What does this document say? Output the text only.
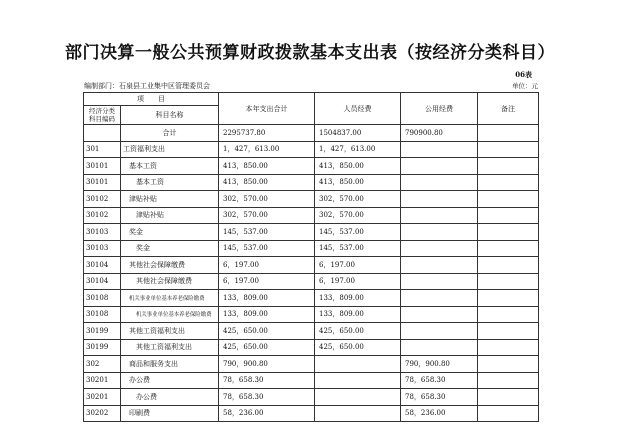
部门决算一般公共预算财政拨款基本支出表（按经济分类科目）
06表
编制部门：石泉县工业集中区管理委员会	单位：元
项　　目		本年支出合计	人员经费	公用经费	备注
经济分类科目编码	科目名称				
	合计	2295737.80	1504837.00	790900.80	
301	工资福利支出	1，427，613.00	1，427，613.00		
30101	基本工资	413，850.00	413，850.00		
30101	基本工资	413，850.00	413，850.00		
30102	津贴补贴	302，570.00	302，570.00		
30102	津贴补贴	302，570.00	302，570.00		
30103	奖金	145，537.00	145，537.00		
30103	奖金	145，537.00	145，537.00		
30104	其他社会保障缴费	6，197.00	6，197.00		
30104	其他社会保障缴费	6，197.00	6，197.00		
30108	机关事业单位基本养老保险缴费	133，809.00	133，809.00		
30108	机关事业单位基本养老保险缴费	133，809.00	133，809.00		
30199	其他工资福利支出	425，650.00	425，650.00		
30199	其他工资福利支出	425，650.00	425，650.00		
302	商品和服务支出	790，900.80		790，900.80	
30201	办公费	78，658.30		78，658.30	
30201	办公费	78，658.30		78，658.30	
30202	印刷费	58，236.00		58，236.00	
